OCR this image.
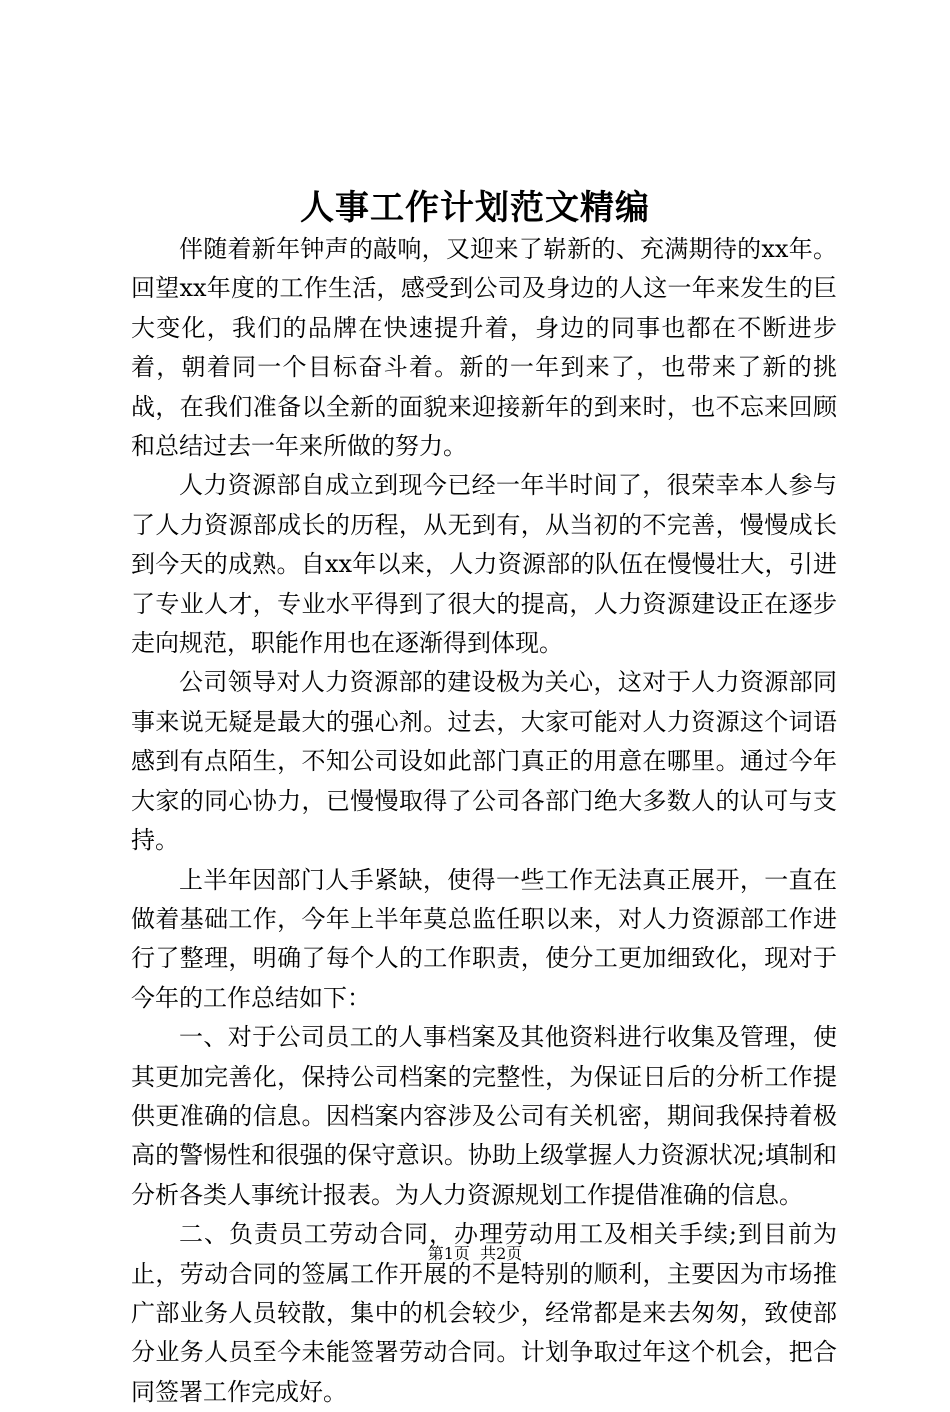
人事工作计划范文精编

伴随着新年钟声的敲响，又迎来了崭新的、充满期待的xx年。回望xx年度的工作生活，感受到公司及身边的人这一年来发生的巨大变化，我们的品牌在快速提升着，身边的同事也都在不断进步着，朝着同一个目标奋斗着。新的一年到来了，也带来了新的挑战，在我们准备以全新的面貌来迎接新年的到来时，也不忘来回顾和总结过去一年来所做的努力。

人力资源部自成立到现今已经一年半时间了，很荣幸本人参与了人力资源部成长的历程，从无到有，从当初的不完善，慢慢成长到今天的成熟。自xx年以来，人力资源部的队伍在慢慢壮大，引进了专业人才，专业水平得到了很大的提高，人力资源建设正在逐步走向规范，职能作用也在逐渐得到体现。

公司领导对人力资源部的建设极为关心，这对于人力资源部同事来说无疑是最大的强心剂。过去，大家可能对人力资源这个词语感到有点陌生，不知公司设如此部门真正的用意在哪里。通过今年大家的同心协力，已慢慢取得了公司各部门绝大多数人的认可与支持。

上半年因部门人手紧缺，使得一些工作无法真正展开，一直在做着基础工作，今年上半年莫总监任职以来，对人力资源部工作进行了整理，明确了每个人的工作职责，使分工更加细致化，现对于今年的工作总结如下：

一、对于公司员工的人事档案及其他资料进行收集及管理，使其更加完善化，保持公司档案的完整性，为保证日后的分析工作提供更准确的信息。因档案内容涉及公司有关机密，期间我保持着极高的警惕性和很强的保守意识。协助上级掌握人力资源状况;填制和分析各类人事统计报表。为人力资源规划工作提借准确的信息。

二、负责员工劳动合同，办理劳动用工及相关手续;到目前为止，劳动合同的签属工作开展的不是特别的顺利，主要因为市场推广部业务人员较散，集中的机会较少，经常都是来去匆匆，致使部分业务人员至今未能签署劳动合同。计划争取过年这个机会，把合同签署工作完成好。

第1页  共2页
